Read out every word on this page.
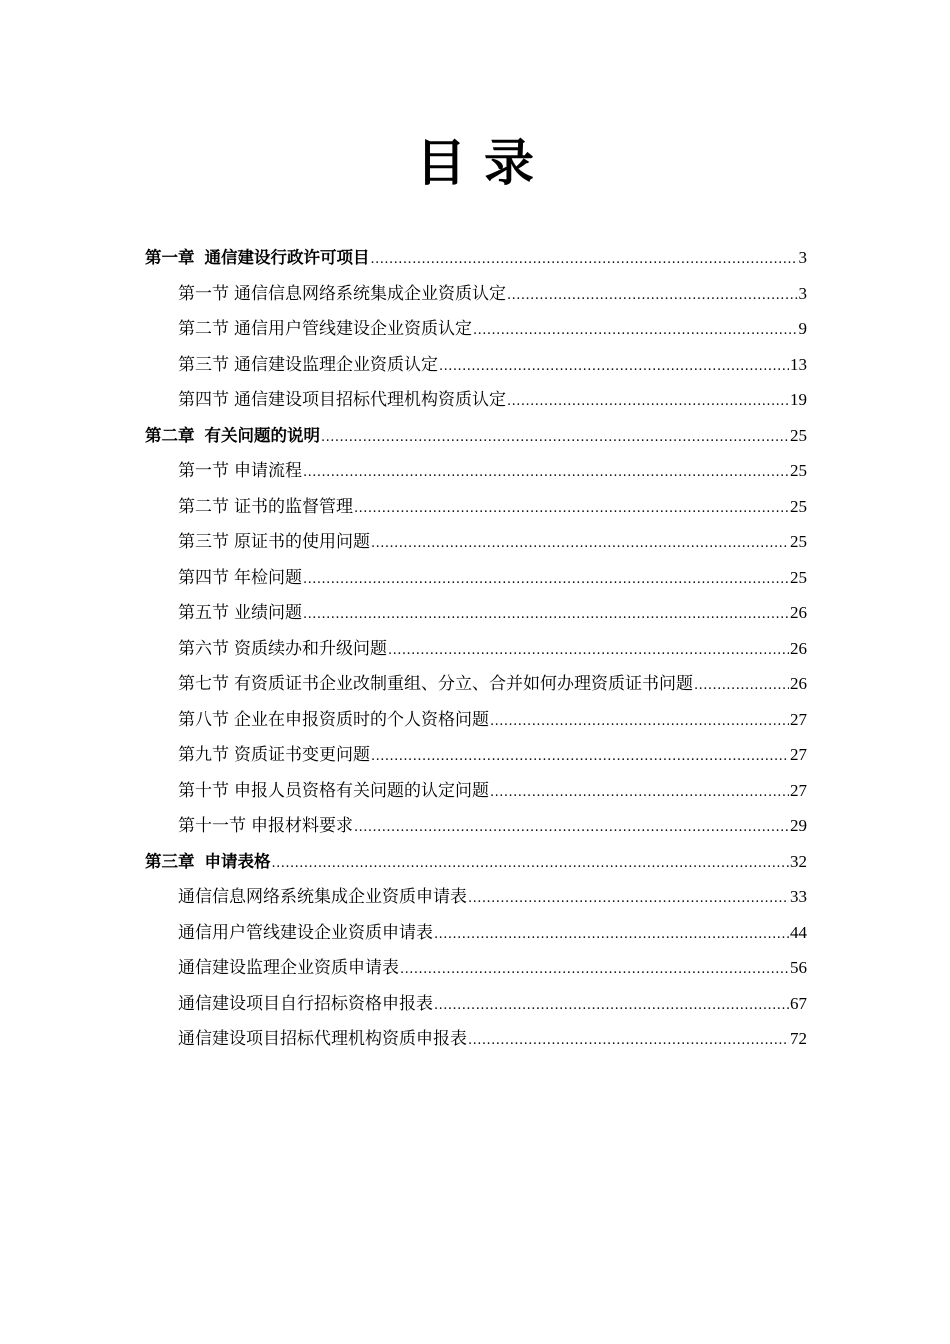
目录
第一章 通信建设行政许可项目 .....	3
第一节 通信信息网络系统集成企业资质认定 .....	3
第二节 通信用户管线建设企业资质认定 .....	9
第三节 通信建设监理企业资质认定 .....	13
第四节 通信建设项目招标代理机构资质认定 .....	19
第二章 有关问题的说明 .....	25
第一节 申请流程 .....	25
第二节 证书的监督管理 .....	25
第三节 原证书的使用问题 .....	25
第四节 年检问题 .....	25
第五节 业绩问题 .....	26
第六节 资质续办和升级问题 .....	26
第七节 有资质证书企业改制重组、分立、合并如何办理资质证书问题 .....	26
第八节 企业在申报资质时的个人资格问题 .....	27
第九节 资质证书变更问题 .....	27
第十节 申报人员资格有关问题的认定问题 .....	27
第十一节 申报材料要求 .....	29
第三章 申请表格 .....	32
通信信息网络系统集成企业资质申请表 .....	33
通信用户管线建设企业资质申请表 .....	44
通信建设监理企业资质申请表 .....	56
通信建设项目自行招标资格申报表 .....	67
通信建设项目招标代理机构资质申报表 .....	72
